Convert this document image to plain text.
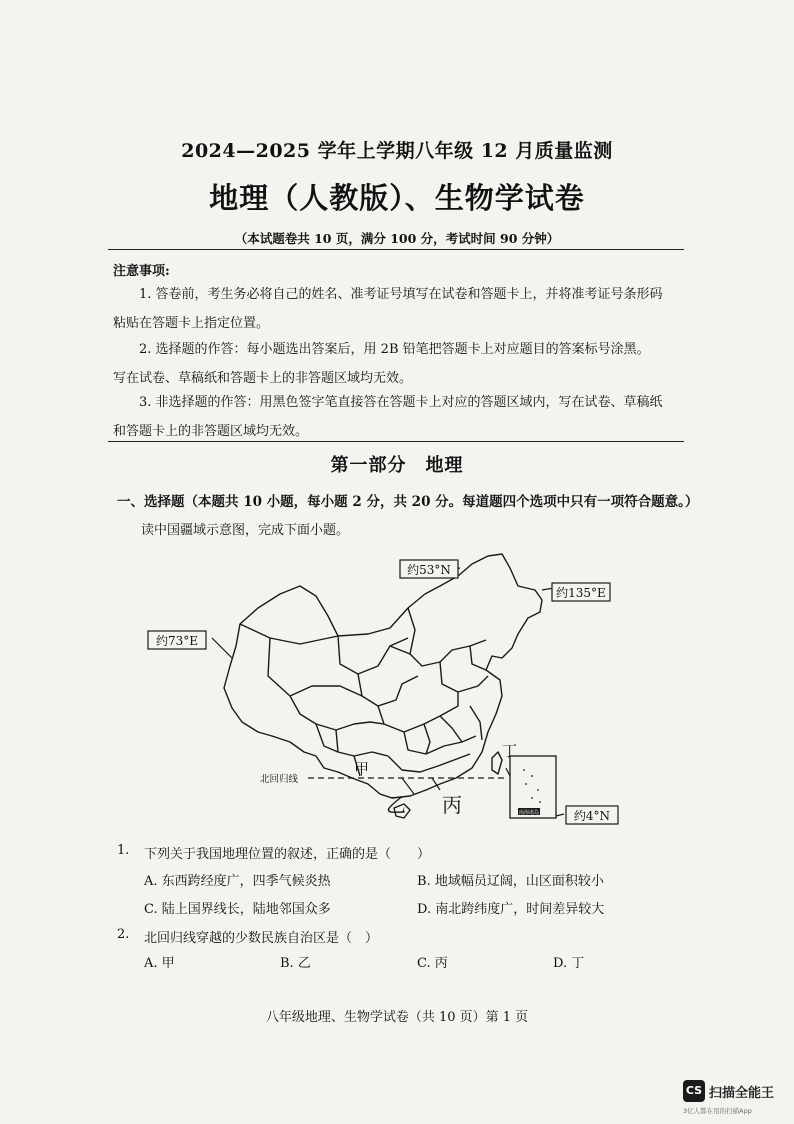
2024—2025 学年上学期八年级 12 月质量监测
地理（人教版）、生物学试卷
（本试题卷共 10 页，满分 100 分，考试时间 90 分钟）
注意事项:
1. 答卷前，考生务必将自己的姓名、准考证号填写在试卷和答题卡上，并将准考证号条形码
粘贴在答题卡上指定位置。
2. 选择题的作答：每小题选出答案后，用 2B 铅笔把答题卡上对应题目的答案标号涂黑。
写在试卷、草稿纸和答题卡上的非答题区域均无效。
3. 非选择题的作答：用黑色签字笔直接答在答题卡上对应的答题区域内，写在试卷、草稿纸
和答题卡上的非答题区域均无效。
第一部分　地理
一、选择题（本题共 10 小题，每小题 2 分，共 20 分。每道题四个选项中只有一项符合题意。）
读中国疆域示意图，完成下面小题。
南海诸岛
北回归线
约53°N
约135°E
约73°E
约4°N
甲
乙 丙
丁
1. 下列关于我国地理位置的叙述，正确的是（　　）
A. 东西跨经度广，四季气候炎热	B. 地域幅员辽阔，山区面积较小
C. 陆上国界线长，陆地邻国众多	D. 南北跨纬度广，时间差异较大
2. 北回归线穿越的少数民族自治区是（　）
A. 甲	B. 乙	C. 丙	D. 丁
八年级地理、生物学试卷（共 10 页）第 1 页
CS 扫描全能王
3亿人都在用的扫描App
